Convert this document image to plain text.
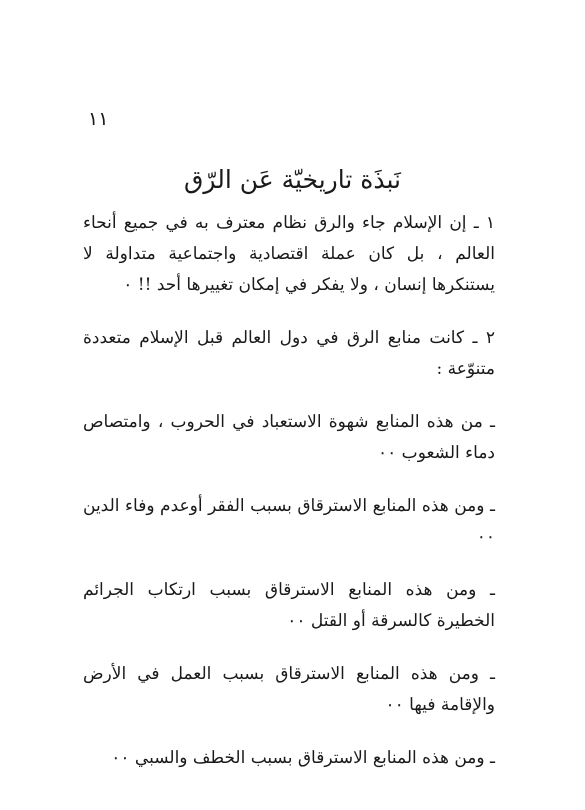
١١
نَبذَة تاريخيّة عَن الرّق

١ ـ إن الإسلام جاء والرق نظام معترف به في جميع أنحاء العالم ، بل كان عملة اقتصادية واجتماعية متداولة لا يستنكرها إنسان ، ولا يفكر في إمكان تغييرها أحد !! ٠

٢ ـ كانت منابع الرق في دول العالم قبل الإسلام متعددة متنوّعة :

ـ من هذه المنابع شهوة الاستعباد في الحروب ، وامتصاص دماء الشعوب ٠٠

ـ ومن هذه المنابع الاسترقاق بسبب الفقر أوعدم وفاء الدين ٠٠

ـ ومن هذه المنابع الاسترقاق بسبب ارتكاب الجرائم الخطيرة كالسرقة أو القتل ٠٠

ـ ومن هذه المنابع الاسترقاق بسبب العمل في الأرض والإقامة فيها ٠٠

ـ ومن هذه المنابع الاسترقاق بسبب الخطف والسبي ٠٠
